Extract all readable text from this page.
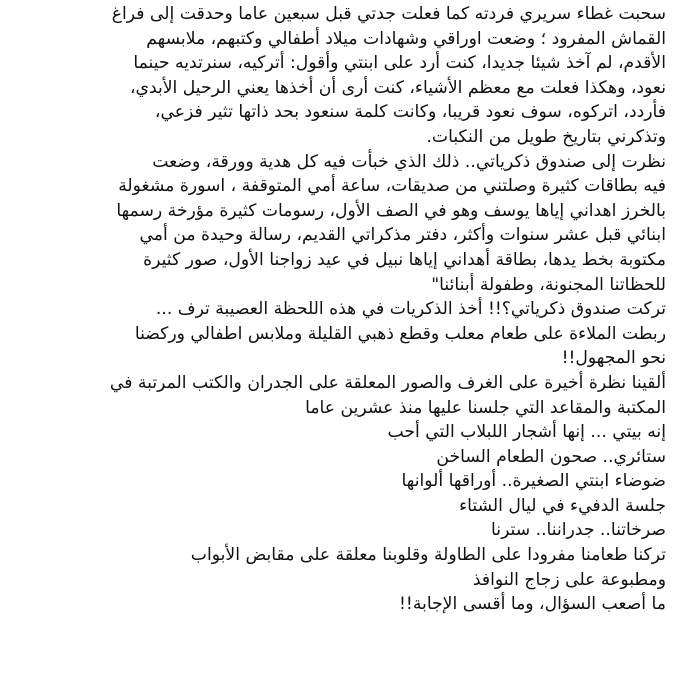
سحبت غطاء سريري فردته كما فعلت جدتي قبل سبعين عاما وحدقت إلى فراغ

القماش المفرود ؛ وضعت اوراقي وشهادات ميلاد أطفالي وكتبهم، ملابسهم

الأقدم، لم آخذ شيئا جديدا، كنت أرد على ابنتي وأقول: أتركيه، سنرتديه حينما

نعود، وهكذا فعلت مع معظم الأشياء، كنت أرى أن أخذها يعني الرحيل الأبدي،

فأردد، اتركوه، سوف نعود قريبا، وكانت كلمة سنعود بحد ذاتها تثير فزعي،

وتذكرني بتاريخ طويل من النكبات.

نظرت إلى صندوق ذكرياتي.. ذلك الذي خبأت فيه كل هدية وورقة، وضعت

فيه بطاقات كثيرة وصلتني من صديقات، ساعة أمي المتوقفة ، اسورة مشغولة

بالخرز اهداني إياها يوسف وهو في الصف الأول، رسومات كثيرة مؤرخة رسمها

ابنائي قبل عشر سنوات وأكثر، دفتر مذكراتي القديم، رسالة وحيدة من أمي

مكتوبة بخط يدها، بطاقة أهداني إياها نبيل في عيد زواجنا الأول، صور كثيرة

للحظاتنا المجنونة، وطفولة أبنائنا"

تركت صندوق ذكرياتي؟!! أخذ الذكريات في هذه اللحظة العصيبة ترف ...

ربطت الملاءة على طعام معلب وقطع ذهبي القليلة وملابس اطفالي وركضنا

نحو المجهول!!

ألقينا نظرة أخيرة على الغرف والصور المعلقة على الجدران والكتب المرتبة في

المكتبة والمقاعد التي جلسنا عليها منذ عشرين عاما

إنه بيتي ... إنها أشجار اللبلاب التي أحب

ستائري.. صحون الطعام الساخن

ضوضاء ابنتي الصغيرة.. أوراقها ألوانها

جلسة الدفيء في ليال الشتاء

صرخاتنا.. جدراننا.. سترنا

تركنا طعامنا مفرودا على الطاولة وقلوبنا معلقة على مقابض الأبواب

ومطبوعة على زجاج النوافذ

ما أصعب السؤال، وما أقسى الإجابة!!
